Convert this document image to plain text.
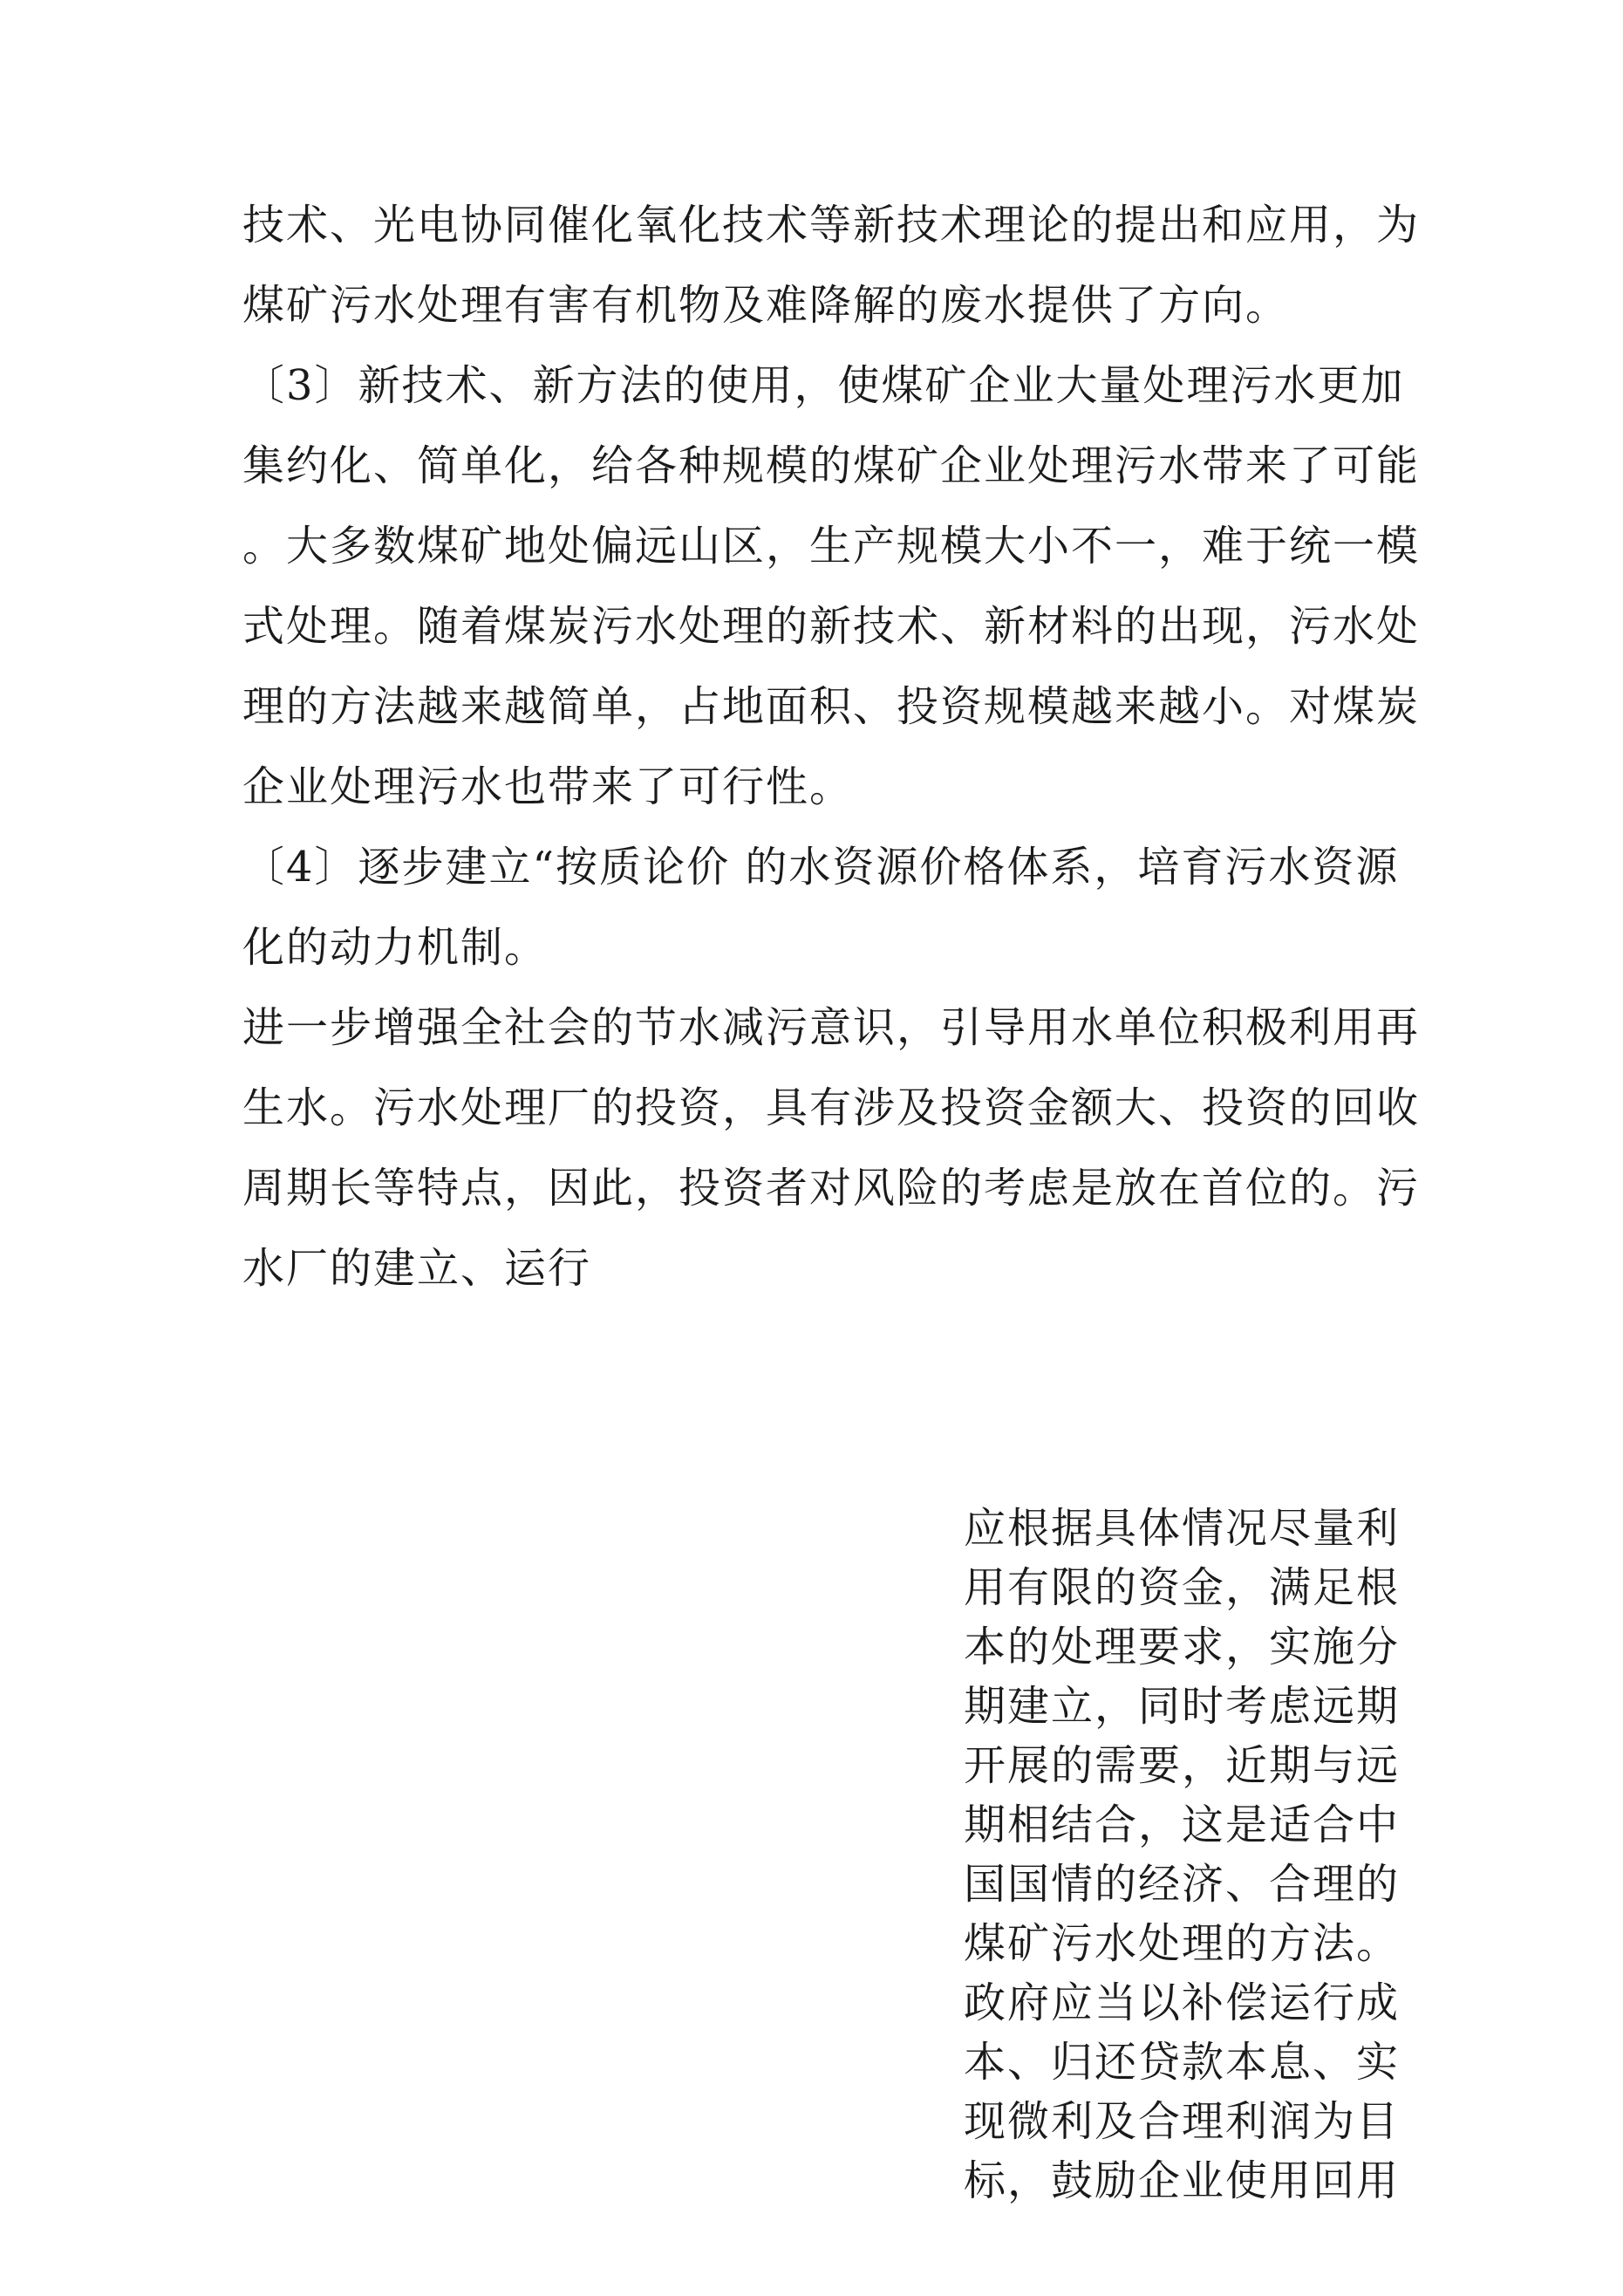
技术、光电协同催化氧化技术等新技术理论的提出和应用，为
煤矿污水处理有害有机物及难降解的废水提供了方向。
〔3〕新技术、新方法的使用，使煤矿企业大量处理污水更加
集约化、简单化，给各种规模的煤矿企业处理污水带来了可能
。大多数煤矿地处偏远山区，生产规模大小不一，难于统一模
式处理。随着煤炭污水处理的新技术、新材料的出现，污水处
理的方法越来越简单，占地面积、投资规模越来越小。对煤炭
企业处理污水也带来了可行性。
〔4〕逐步建立“按质论价 的水资源价格体系，培育污水资源
化的动力机制。
进一步增强全社会的节水减污意识，引导用水单位积极利用再
生水。污水处理厂的投资，具有涉及投资金额大、投资的回收
周期长等特点，因此，投资者对风险的考虑是放在首位的。污
水厂的建立、运行
应根据具体情况尽量利
用有限的资金，满足根
本的处理要求，实施分
期建立，同时考虑远期
开展的需要，近期与远
期相结合，这是适合中
国国情的经济、合理的
煤矿污水处理的方法。
政府应当以补偿运行成
本、归还贷款本息、实
现微利及合理利润为目
标，鼓励企业使用回用
